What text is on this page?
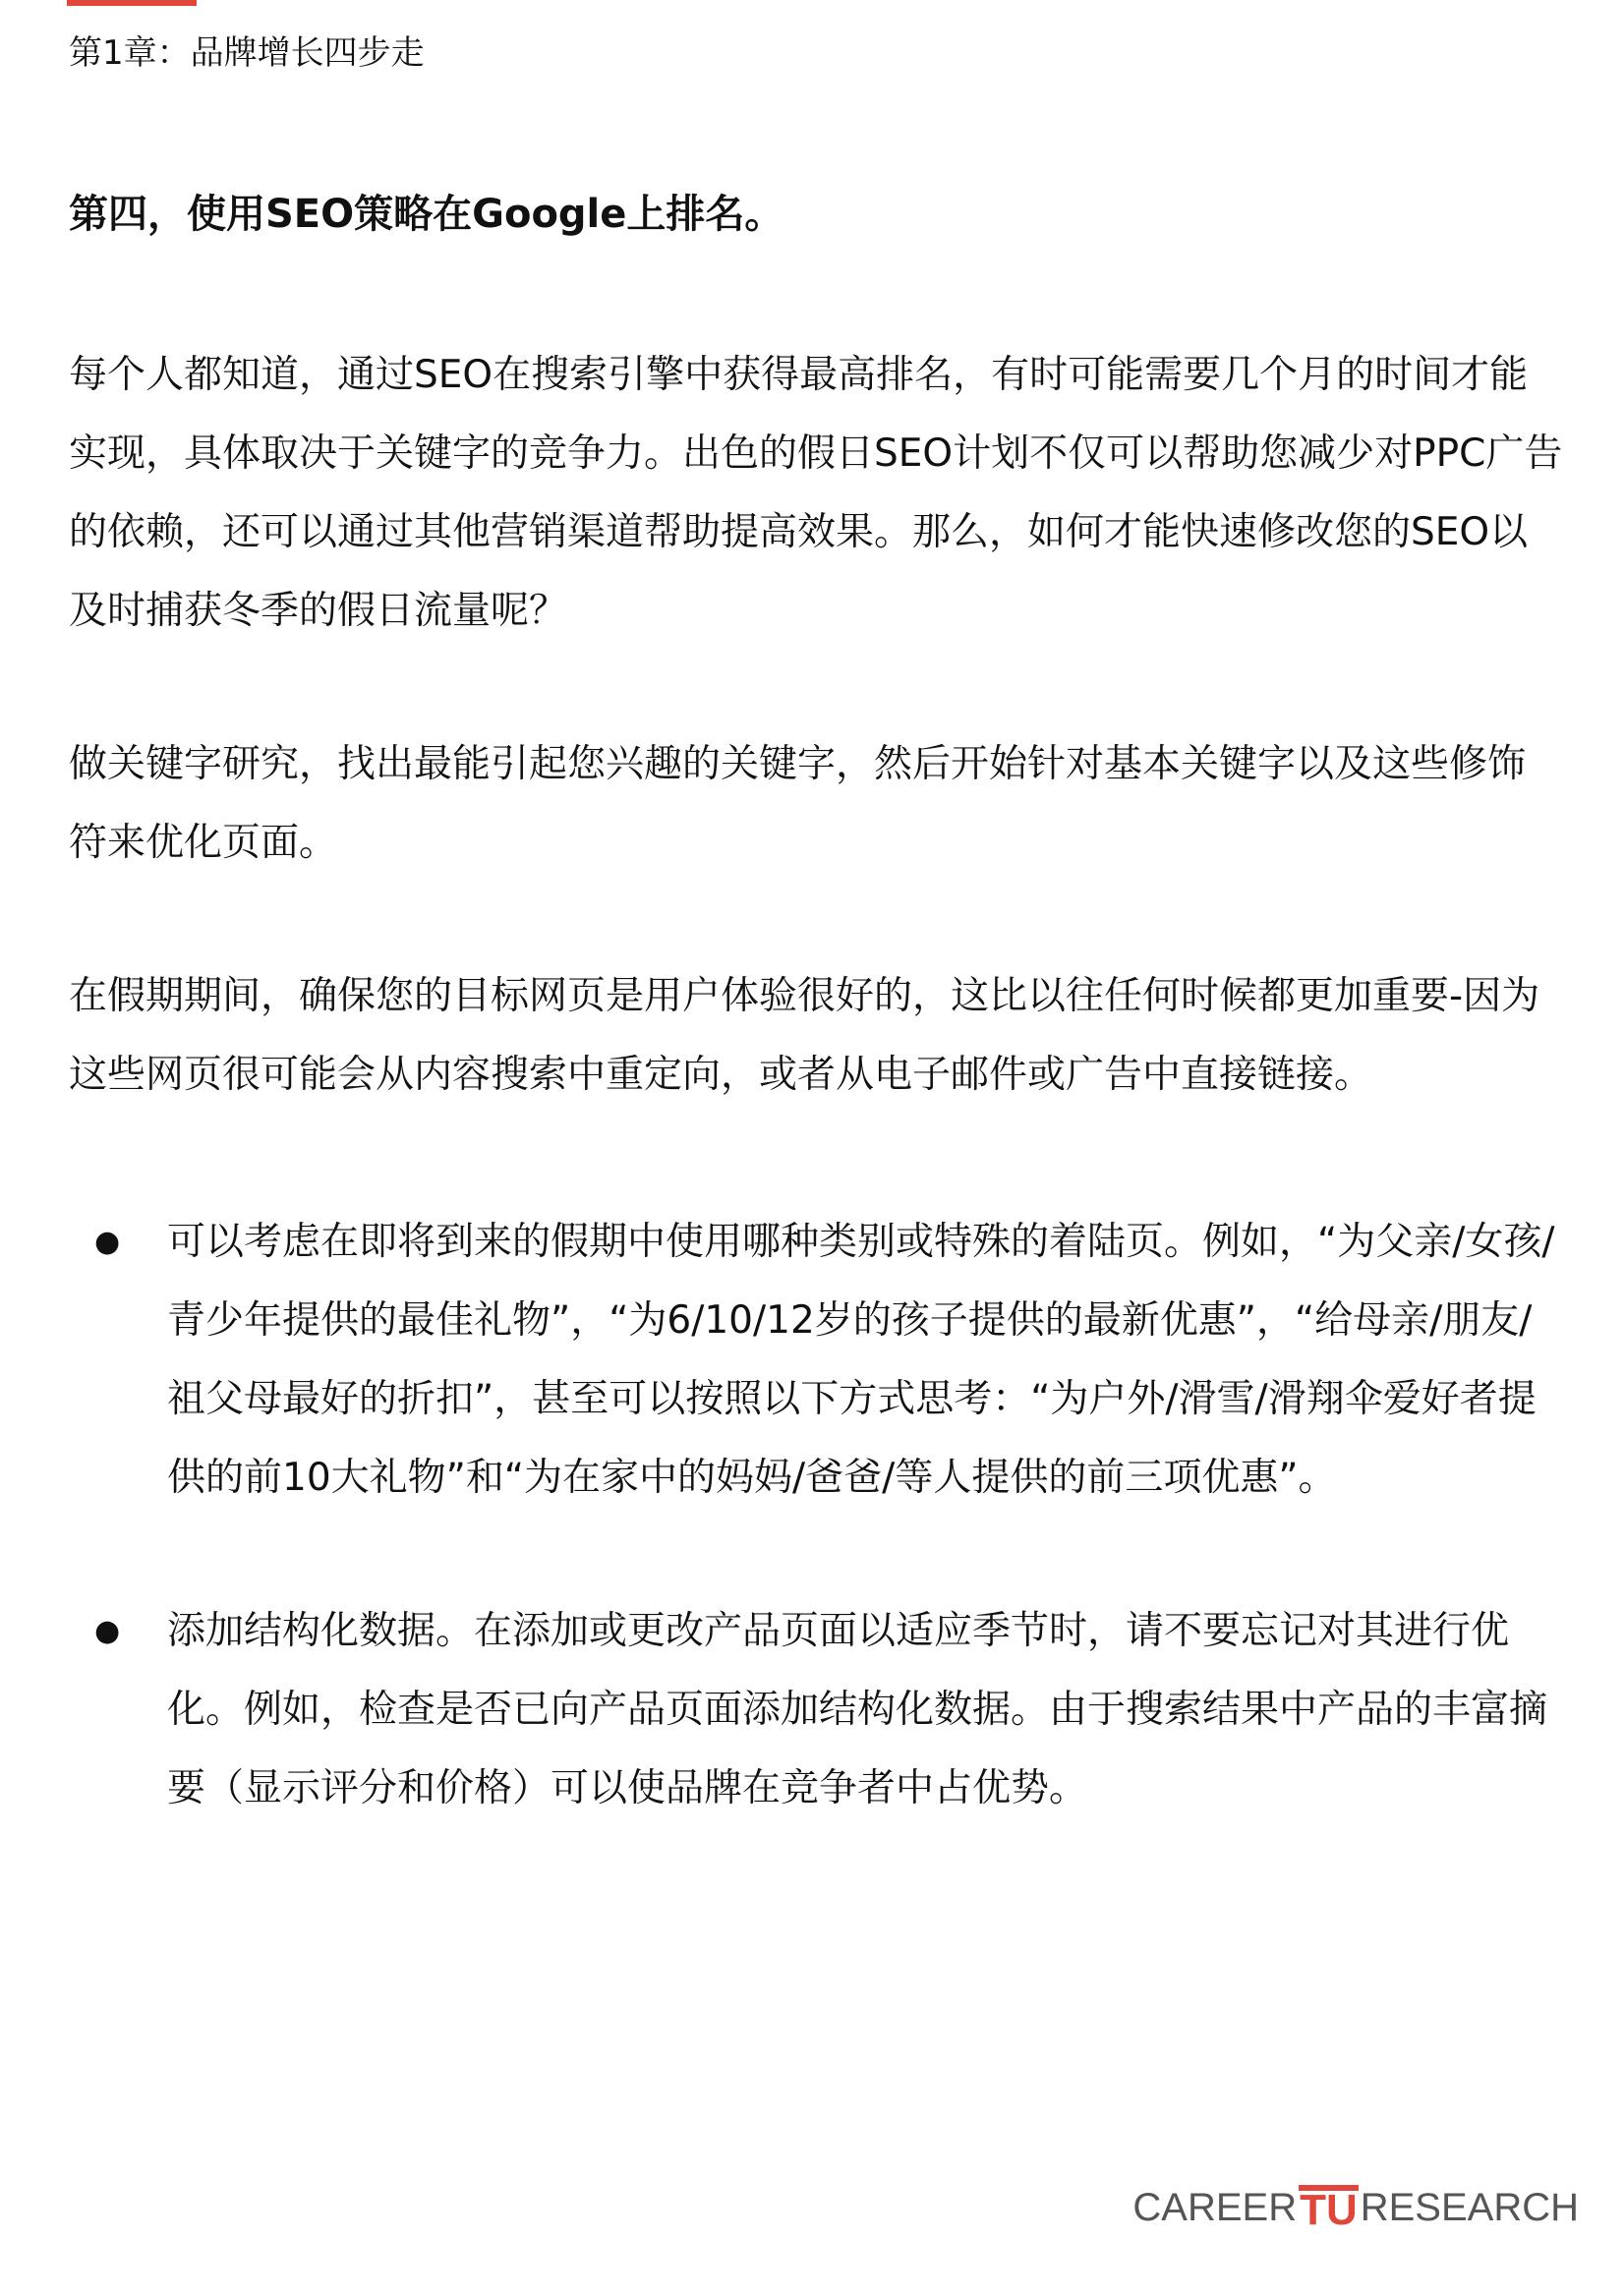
第1章：品牌增长四步走
第四，使用SEO策略在Google上排名。

每个人都知道，通过SEO在搜索引擎中获得最高排名，有时可能需要几个月的时间才能实现，具体取决于关键字的竞争力。出色的假日SEO计划不仅可以帮助您减少对PPC广告的依赖，还可以通过其他营销渠道帮助提高效果。那么，如何才能快速修改您的SEO以及时捕获冬季的假日流量呢？

做关键字研究，找出最能引起您兴趣的关键字，然后开始针对基本关键字以及这些修饰符来优化页面。

在假期期间，确保您的目标网页是用户体验很好的，这比以往任何时候都更加重要-因为这些网页很可能会从内容搜索中重定向，或者从电子邮件或广告中直接链接。

●	可以考虑在即将到来的假期中使用哪种类别或特殊的着陆页。例如，“为父亲/女孩/青少年提供的最佳礼物”，“为6/10/12岁的孩子提供的最新优惠”，“给母亲/朋友/祖父母最好的折扣”，甚至可以按照以下方式思考：“为户外/滑雪/滑翔伞爱好者提供的前10大礼物”和“为在家中的妈妈/爸爸/等人提供的前三项优惠”。
●	添加结构化数据。在添加或更改产品页面以适应季节时，请不要忘记对其进行优化。例如，检查是否已向产品页面添加结构化数据。由于搜索结果中产品的丰富摘要（显示评分和价格）可以使品牌在竞争者中占优势。
CAREER TU RESEARCH
